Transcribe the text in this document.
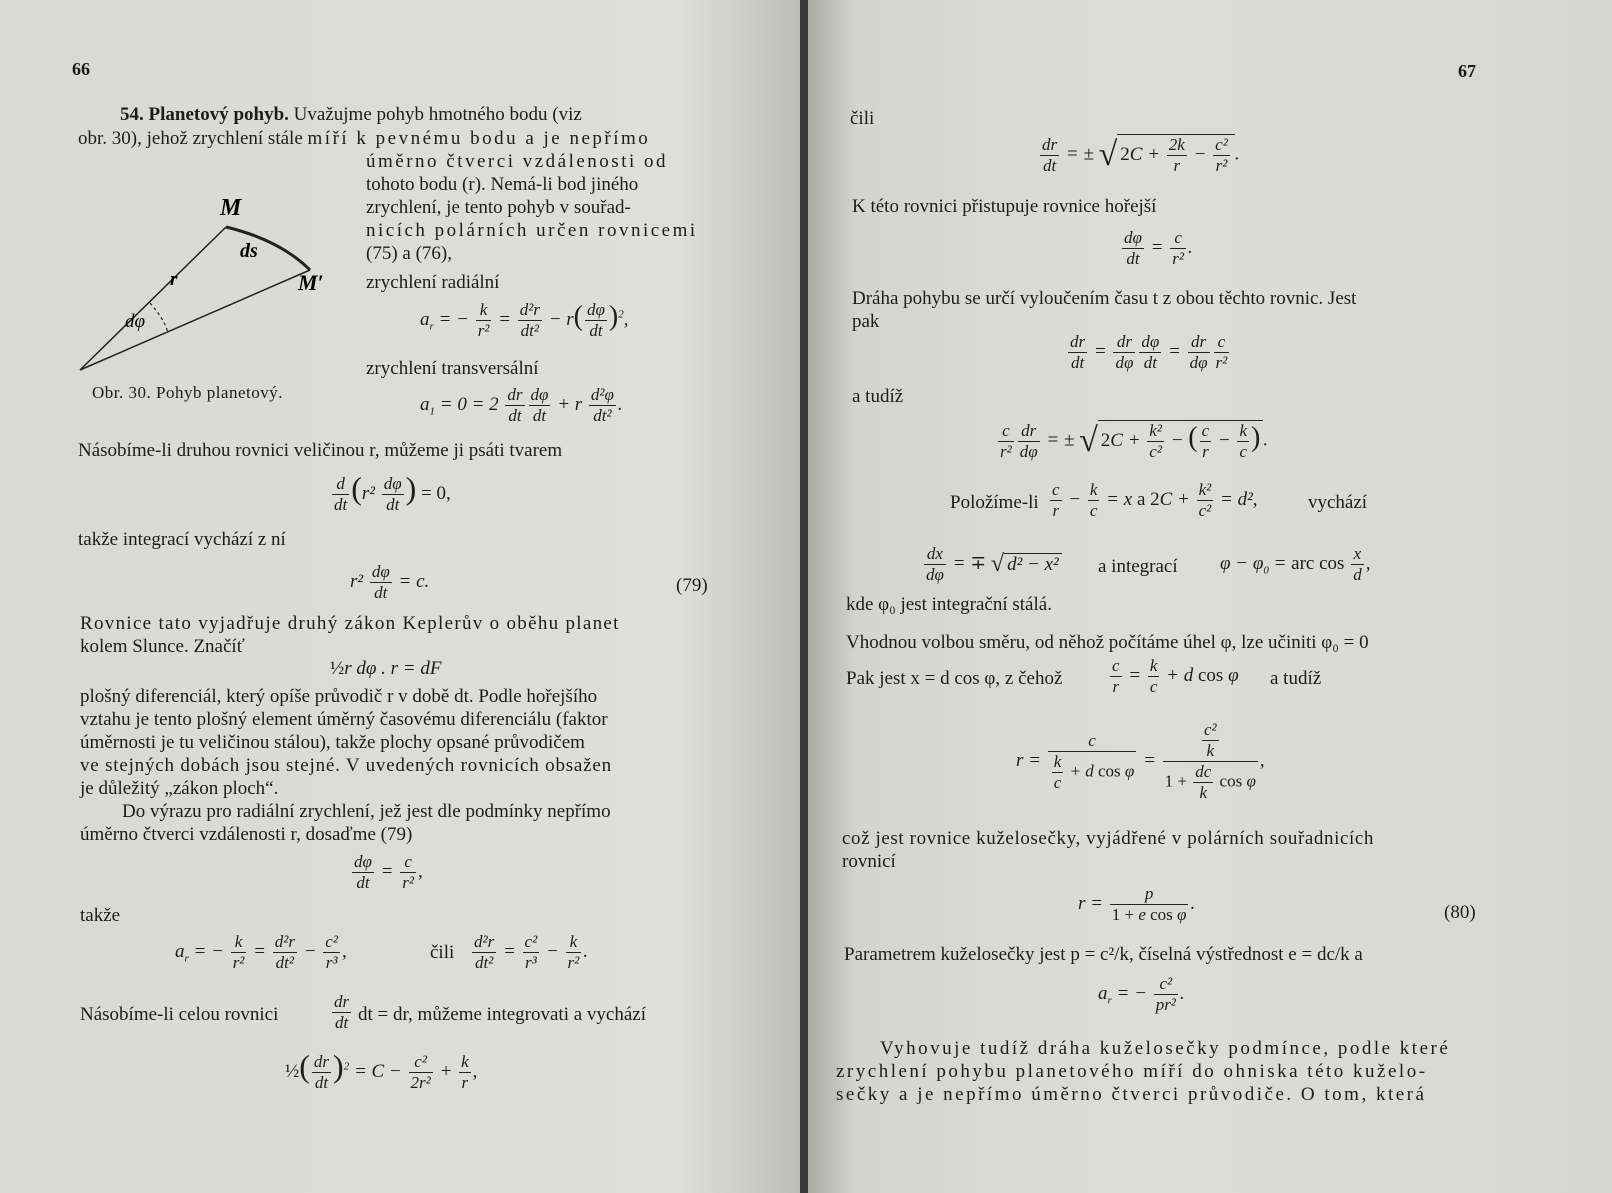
66
54. Planetový pohyb. Uvažujme pohyb hmotného bodu (viz
obr. 30), jehož zrychlení stále míří k pevnému bodu a je nepřímo
úměrno čtverci vzdálenosti od
tohoto bodu (r). Nemá-li bod jiného
zrychlení, je tento pohyb v souřad-
nicích polárních určen rovnicemi
(75) a (76),
zrychlení radiální
M
ds
M′
r
dφ
Obr. 30. Pohyb planetový.
$a_r$ = − $\frac{k}{\text{r²}} = \frac{\text{d²r}}{\text{dt²}} - r( \frac{d\varphi}{dt} )^2$,
zrychlení transversální
$a_1 = 0 = 2 \frac{dr}{dt} \frac{d\varphi}{dt} + r \frac{\text{d²φ}}{\text{dt²}}$ .
Násobíme-li druhou rovnici veličinou r, můžeme ji psáti tvarem
$\frac{d}{dt} (r^2 \frac{d\varphi}{dt}$ ) = 0,
takže integrací vychází z ní
$r^2 \frac{d\varphi}{dt} = c$.	(79)
Rovnice tato vyjadřuje druhý zákon Keplerův o oběhu planet
kolem Slunce. Značíť
½r dφ . r = dF
plošný diferenciál, který opíše průvodič r v době dt. Podle hořejšího
vztahu je tento plošný element úměrný časovému diferenciálu (faktor
úměrnosti je tu veličinou stálou), takže plochy opsané průvodičem
ve stejných dobách jsou stejné. V uvedených rovnicích obsažen
je důležitý „zákon ploch“.
Do výrazu pro radiální zrychlení, jež jest dle podmínky nepřímo
úměrno čtverci vzdálenosti r, dosaďme (79)
$\frac{d\varphi}{dt} = \frac{c}{\text{r²}}$ ,
takže
$a_r$ = − $\frac{k}{\text{r²}} = \frac{\text{d²r}}{\text{dt²}} - \frac{\text{c²}}{\text{r³}}$ ,	čili $\frac{\text{d²r}}{\text{dt²}} = \frac{\text{c²}}{\text{r³}} - \frac{k}{\text{r²}}$ .
Násobíme-li celou rovnici	$\frac{dr}{dt}$ dt = dr, můžeme integrovati a vychází
½( $\frac{dr}{dt} )^2 = C - \frac{\text{c²}}{\text{2r²}} + \frac{k}{r}$ ,
67
čili
$\frac{dr}{dt}$ = ± √ $2C + \frac{2k}{r} - \frac{\text{c²}}{\text{r²}}$ .
K této rovnici přistupuje rovnice hořejší
$\frac{d\varphi}{dt} = \frac{c}{\text{r²}}$ .
Dráha pohybu se určí vyloučením času t z obou těchto rovnic. Jest
pak
$\frac{dr}{dt} = \frac{dr}{d\varphi} \frac{d\varphi}{dt} = \frac{dr}{d\varphi} \frac{c}{\text{r²}}$
a tudíž
$\frac{c}{\text{r²}} \frac{dr}{d\varphi}$ = ± √ $2C + \frac{\text{k²}}{\text{c²}}$ − ( $\frac{c}{r} - \frac{k}{c}$ ) .
Položíme-li $\frac{c}{r} - \frac{k}{c} = x$ a $2C + \frac{\text{k²}}{\text{c²}} = d^2$,	vychází
$\frac{dx}{d\varphi}$ = ∓ √ d² − x² a integrací $\varphi - \varphi_0$ = arc $\cos \frac{x}{d}$ ,
kde φ₀ jest integrační stálá.
Vhodnou volbou směru, od něhož počítáme úhel φ, lze učiniti φ₀ = 0
Pak jest x = d cos φ, z čehož	$\frac{c}{r} = \frac{k}{c} + d$ cos φ a tudíž
$r = \frac{c}{\frac{k}{c} + d \cos \varphi} = \frac{\frac{\text{c²}}{k}}{1 + \frac{dc}{k} \cos \varphi}$ ,
což jest rovnice kuželosečky, vyjádřené v polárních souřadnicích
rovnicí
$r = \frac{p}{\text{1 + e cos φ}}$ .	(80)
Parametrem kuželosečky jest p = c²/k, číselná výstřednost e = dc/k a
$a_r$ = − $\frac{\text{c²}}{\text{pr²}}$ .
Vyhovuje tudíž dráha kuželosečky podmínce, podle které
zrychlení pohybu planetového míří do ohniska této kuželo-
sečky a je nepřímo úměrno čtverci průvodiče. O tom, která
